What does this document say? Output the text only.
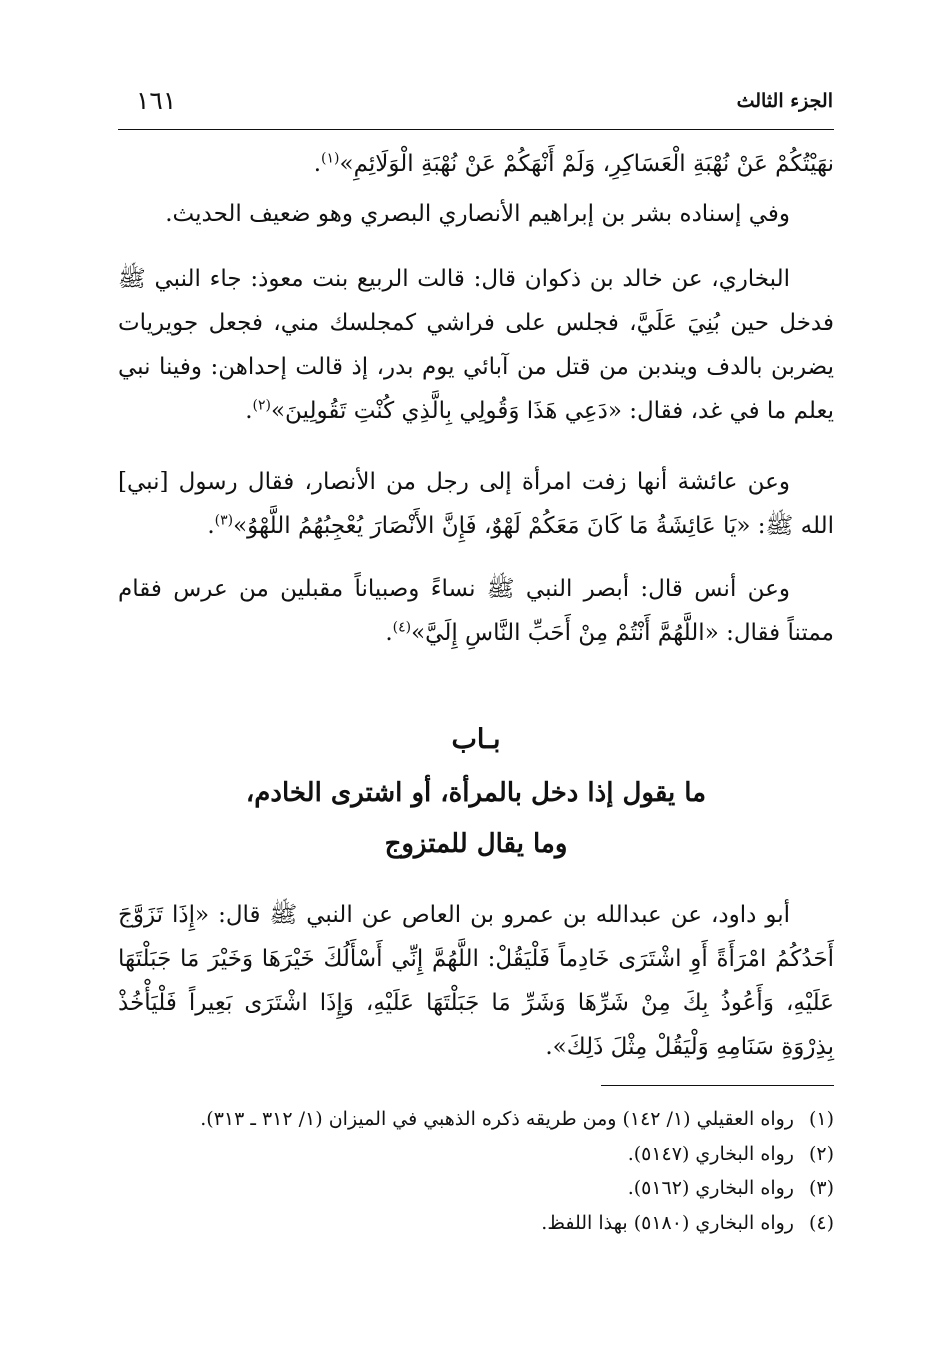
الجزء الثالث
١٦١

نهَيْتُكُمْ عَنْ نُهْبَةِ الْعَسَاكِرِ، وَلَمْ أَنْهَكُمْ عَنْ نُهْبَةِ الْوَلَائِمِ»$^{(١)}$.

وفي إسناده بشر بن إبراهيم الأنصاري البصري وهو ضعيف الحديث.

البخاري، عن خالد بن ذكوان قال: قالت الربيع بنت معوذ: جاء النبي ﷺ فدخل حين بُنِيَ عَلَيَّ، فجلس على فراشي كمجلسك مني، فجعل جويريات يضربن بالدف ويندبن من قتل من آبائي يوم بدر، إذ قالت إحداهن: وفينا نبي يعلم ما في غد، فقال: «دَعِي هَذَا وَقُولِي بِالَّذِي كُنْتِ تَقُولِينَ»$^{(٢)}$.

وعن عائشة أنها زفت امرأة إلى رجل من الأنصار، فقال رسول [نبي] الله ﷺ: «يَا عَائِشَةُ مَا كَانَ مَعَكُمْ لَهْوٌ، فَإِنَّ الأَنْصَارَ يُعْجِبُهُمُ اللَّهْوُ»$^{(٣)}$.

وعن أنس قال: أبصر النبي ﷺ نساءً وصبياناً مقبلين من عرس فقام ممتناً فقال: «اللَّهُمَّ أَنْتُمْ مِنْ أَحَبِّ النَّاسِ إِلَيَّ»$^{(٤)}$.

بـاب

ما يقول إذا دخل بالمرأة، أو اشترى الخادم،

وما يقال للمتزوج

أبو داود، عن عبدالله بن عمرو بن العاص عن النبي ﷺ قال: «إِذَا تَزَوَّجَ أَحَدُكُمُ امْرَأَةً أَوِ اشْتَرَى خَادِماً فَلْيَقُلْ: اللَّهُمَّ إِنِّي أَسْأَلُكَ خَيْرَهَا وَخَيْرَ مَا جَبَلْتَهَا عَلَيْهِ، وَأَعُوذُ بِكَ مِنْ شَرِّهَا وَشَرِّ مَا جَبَلْتَهَا عَلَيْهِ، وَإِذَا اشْتَرَى بَعِيراً فَلْيَأْخُذْ بِذِرْوَةِ سَنَامِهِ وَلْيَقُلْ مِثْلَ ذَلِكَ».

(١) رواه العقيلي (١/ ١٤٢) ومن طريقه ذكره الذهبي في الميزان (١/ ٣١٢ ـ ٣١٣).
(٢) رواه البخاري (٥١٤٧).
(٣) رواه البخاري (٥١٦٢).
(٤) رواه البخاري (٥١٨٠) بهذا اللفظ.
